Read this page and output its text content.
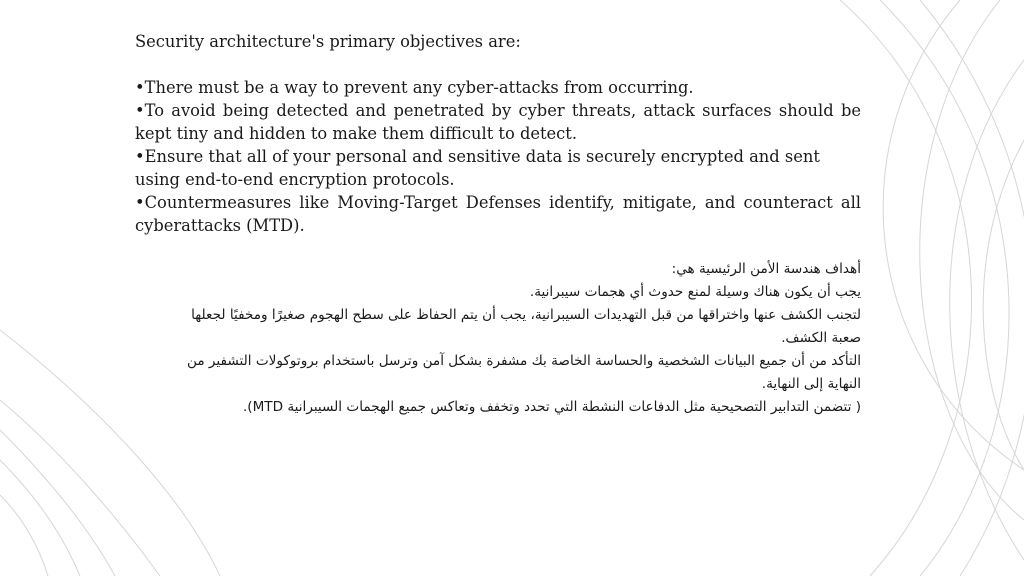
Security architecture's primary objectives are:

•There must be a way to prevent any cyber-attacks from occurring.

•To avoid being detected and penetrated by cyber threats, attack surfaces should be kept tiny and hidden to make them difficult to detect.

•Ensure that all of your personal and sensitive data is securely encrypted and sent using end-to-end encryption protocols.

•Countermeasures like Moving-Target Defenses identify, mitigate, and counteract all cyberattacks (MTD).

أهداف هندسة الأمن الرئيسية هي:

يجب أن يكون هناك وسيلة لمنع حدوث أي هجمات سيبرانية.

لتجنب الكشف عنها واختراقها من قبل التهديدات السيبرانية، يجب أن يتم الحفاظ على سطح الهجوم صغيرًا ومخفيًا لجعلها

صعبة الكشف.

التأكد من أن جميع البيانات الشخصية والحساسة الخاصة بك مشفرة بشكل آمن وترسل باستخدام بروتوكولات التشفير من

النهاية إلى النهاية.

( تتضمن التدابير التصحيحية مثل الدفاعات النشطة التي تحدد وتخفف وتعاكس جميع الهجمات السيبرانية MTD).
